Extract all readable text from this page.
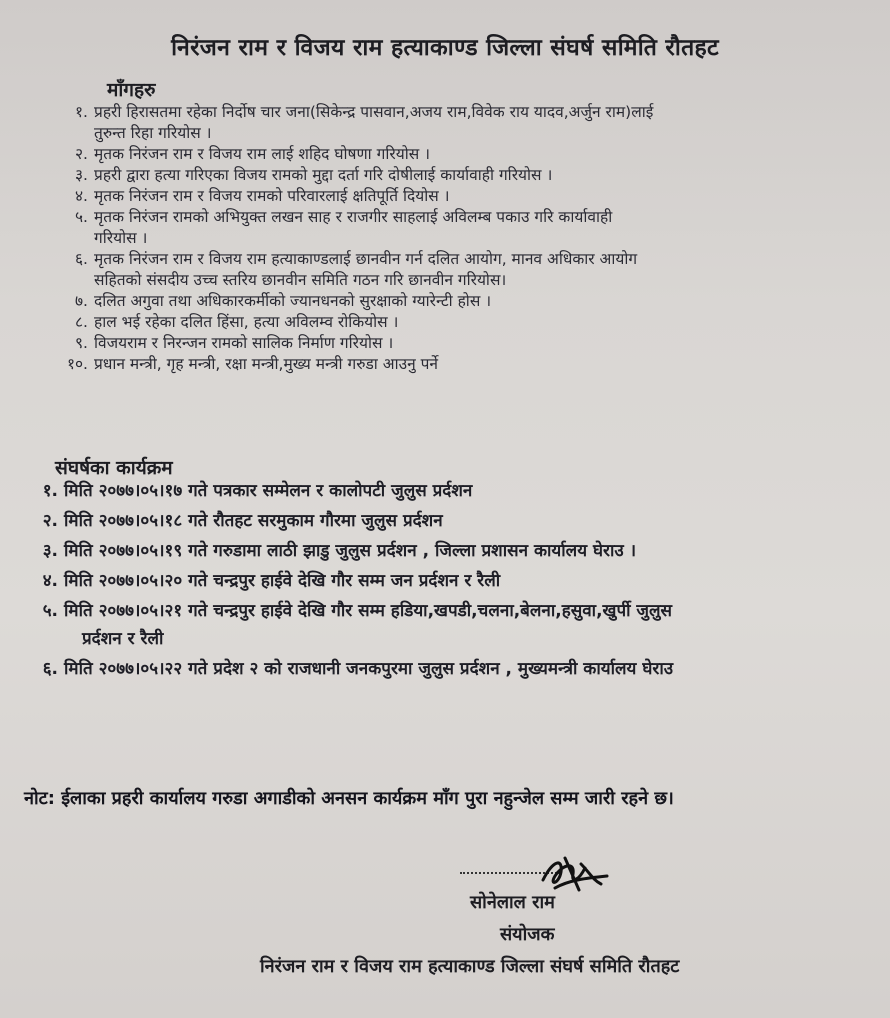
निरंजन राम र विजय राम हत्याकाण्ड जिल्ला संघर्ष समिति रौतहट
माँगहरु
१. प्रहरी हिरासतमा रहेका निर्दोष चार जना(सिकेन्द्र पासवान,अजय राम,विवेक राय यादव,अर्जुन राम)लाई
तुरुन्त रिहा गरियोस ।
२. मृतक निरंजन राम र विजय राम लाई शहिद घोषणा गरियोस ।
३. प्रहरी द्वारा हत्या गरिएका विजय रामको मुद्दा दर्ता गरि दोषीलाई कार्यावाही गरियोस ।
४. मृतक निरंजन राम र विजय रामको परिवारलाई क्षतिपूर्ति दियोस ।
५. मृतक निरंजन रामको अभियुक्त लखन साह र राजगीर साहलाई अविलम्ब पकाउ गरि कार्यावाही
गरियोस ।
६. मृतक निरंजन राम र विजय राम हत्याकाण्डलाई छानवीन गर्न दलित आयोग, मानव अधिकार आयोग
सहितको संसदीय उच्च स्तरिय छानवीन समिति गठन गरि छानवीन गरियोस।
७. दलित अगुवा तथा अधिकारकर्मीको ज्यानधनको सुरक्षाको ग्यारेन्टी होस ।
८. हाल भई रहेका दलित हिंसा, हत्या अविलम्व रोकियोस ।
९. विजयराम र निरन्जन रामको सालिक निर्माण गरियोस ।
१०. प्रधान मन्त्री, गृह मन्त्री, रक्षा मन्त्री,मुख्य मन्त्री गरुडा आउनु पर्ने
संघर्षका कार्यक्रम
१. मिति २०७७।०५।१७ गते पत्रकार सम्मेलन र कालोपटी जुलुस प्रर्दशन
२. मिति २०७७।०५।१८ गते रौतहट सरमुकाम गौरमा जुलुस प्रर्दशन
३. मिति २०७७।०५।१९ गते गरुडामा लाठी झाडु जुलुस प्रर्दशन , जिल्ला प्रशासन कार्यालय घेराउ ।
४. मिति २०७७।०५।२० गते चन्द्रपुर हाईवे देखि गौर सम्म जन प्रर्दशन र रैली
५. मिति २०७७।०५।२१ गते चन्द्रपुर हाईवे देखि गौर सम्म हडिया,खपडी,चलना,बेलना,हसुवा,खुर्पी जुलुस
प्रर्दशन र रैली
६. मिति २०७७।०५।२२ गते प्रदेश २ को राजधानी जनकपुरमा जुलुस प्रर्दशन , मुख्यमन्त्री कार्यालय घेराउ
नोट: ईलाका प्रहरी कार्यालय गरुडा अगाडीको अनसन कार्यक्रम माँग पुरा नहुन्जेल सम्म जारी रहने छ।
सोनेलाल राम
संयोजक
निरंजन राम र विजय राम हत्याकाण्ड जिल्ला संघर्ष समिति रौतहट
